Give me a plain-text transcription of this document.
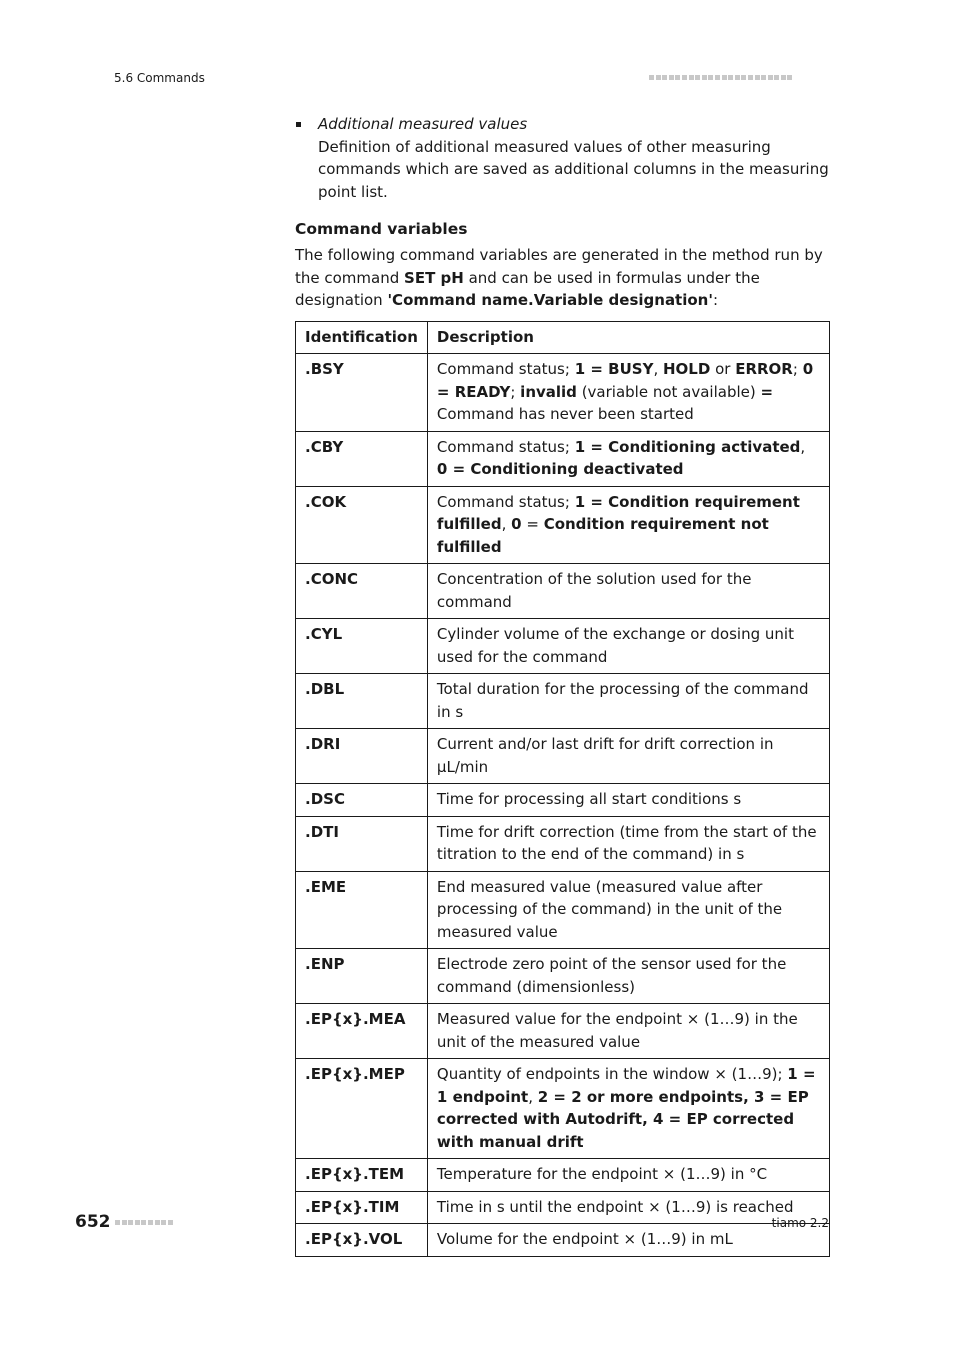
5.6 Commands
Additional measured values
Definition of additional measured values of other measuring commands which are saved as additional columns in the measuring point list.
Command variables
The following command variables are generated in the method run by the command SET pH and can be used in formulas under the designation 'Command name.Variable designation':
Identification	Description
.BSY	Command status; 1 = BUSY, HOLD or ERROR; 0 = READY; invalid (variable not available) = Command has never been started
.CBY	Command status; 1 = Conditioning activated, 0 = Conditioning deactivated
.COK	Command status; 1 = Condition requirement fulfilled, 0 = Condition requirement not fulfilled
.CONC	Concentration of the solution used for the command
.CYL	Cylinder volume of the exchange or dosing unit used for the command
.DBL	Total duration for the processing of the command in s
.DRI	Current and/or last drift for drift correction in µL/min
.DSC	Time for processing all start conditions s
.DTI	Time for drift correction (time from the start of the titration to the end of the command) in s
.EME	End measured value (measured value after processing of the command) in the unit of the measured value
.ENP	Electrode zero point of the sensor used for the command (dimensionless)
.EP{x}.MEA	Measured value for the endpoint × (1…9) in the unit of the measured value
.EP{x}.MEP	Quantity of endpoints in the window × (1…9); 1 = 1 endpoint, 2 = 2 or more endpoints, 3 = EP corrected with Autodrift, 4 = EP corrected with manual drift
.EP{x}.TEM	Temperature for the endpoint × (1…9) in °C
.EP{x}.TIM	Time in s until the endpoint × (1…9) is reached
.EP{x}.VOL	Volume for the endpoint × (1…9) in mL
652	tiamo 2.2
